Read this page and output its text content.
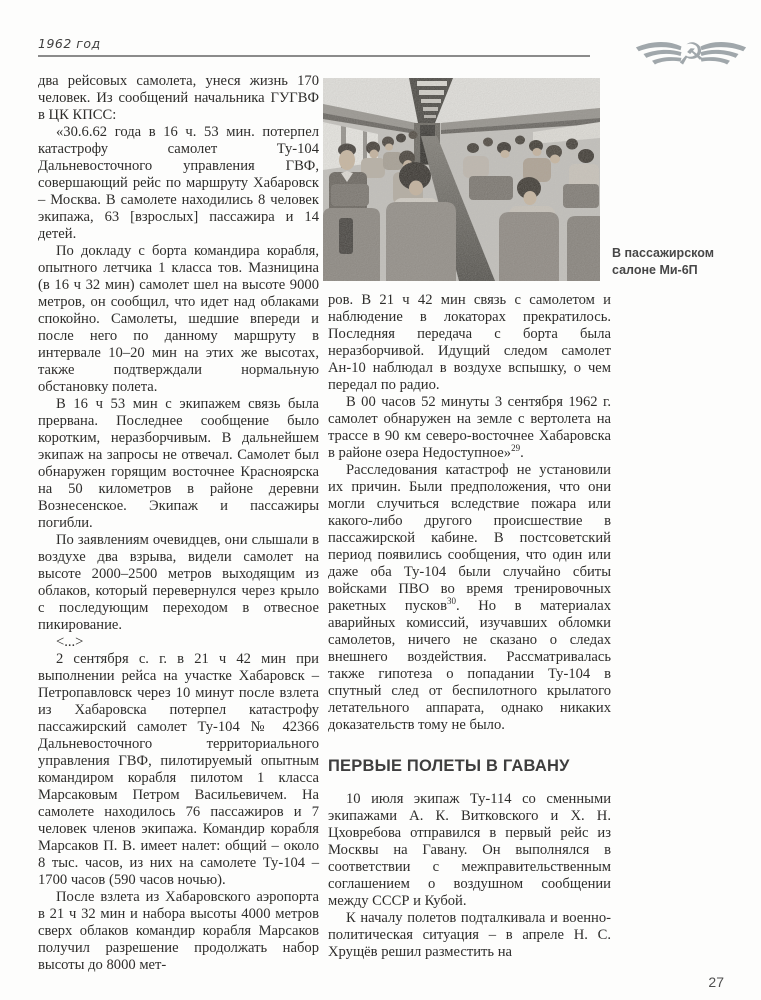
1962 год	☭

два рейсовых самолета, унеся жизнь 170 человек. Из сообщений начальника ГУГВФ в ЦК КПСС:

«30.6.62 года в 16 ч. 53 мин. потерпел катастрофу самолет Ту-104 Дальневосточного управления ГВФ, совершающий рейс по маршруту Хабаровск – Москва. В самолете находились 8 человек экипажа, 63 [взрослых] пассажира и 14 детей.

По докладу с борта командира корабля, опытного летчика 1 класса тов. Мазницина (в 16 ч 32 мин) самолет шел на высоте 9000 метров, он сообщил, что идет над облаками спокойно. Самолеты, шедшие впереди и после него по данному маршруту в интервале 10–20 мин на этих же высотах, также подтверждали нормальную обстановку полета.

В 16 ч 53 мин с экипажем связь была прервана. Последнее сообщение было коротким, неразборчивым. В дальнейшем экипаж на запросы не отвечал. Самолет был обнаружен горящим восточнее Красноярска на 50 километров в районе деревни Вознесенское. Экипаж и пассажиры погибли.

По заявлениям очевидцев, они слышали в воздухе два взрыва, видели самолет на высоте 2000–2500 метров выходящим из облаков, который перевернулся через крыло с последующим переходом в отвесное пикирование.

<...>

2 сентября с. г. в 21 ч 42 мин при выполнении рейса на участке Хабаровск – Петропавловск через 10 минут после взлета из Хабаровска потерпел катастрофу пассажирский самолет Ту-104 № 42366 Дальневосточного территориального управления ГВФ, пилотируемый опытным командиром корабля пилотом 1 класса Марсаковым Петром Васильевичем. На самолете находилось 76 пассажиров и 7 человек членов экипажа. Командир корабля Марсаков П. В. имеет налет: общий – около 8 тыс. часов, из них на самолете Ту-104 – 1700 часов (590 часов ночью).

После взлета из Хабаровского аэропорта в 21 ч 32 мин и набора высоты 4000 метров сверх облаков командир корабля Марсаков получил разрешение продолжать набор высоты до 8000 мет-

ров. В 21 ч 42 мин связь с самолетом и наблюдение в локаторах прекратилось. Последняя передача с борта была неразборчивой. Идущий следом самолет Ан-10 наблюдал в воздухе вспышку, о чем передал по радио.

В 00 часов 52 минуты 3 сентября 1962 г. самолет обнаружен на земле с вертолета на трассе в 90 км северо-восточнее Хабаровска в районе озера Недоступное»$^{29}$.

Расследования катастроф не установили их причин. Были предположения, что они могли случиться вследствие пожара или какого-либо другого происшествие в пассажирской кабине. В постсоветский период появились сообщения, что один или даже оба Ту-104 были случайно сбиты войсками ПВО во время тренировочных ракетных пусков$^{30}$. Но в материалах аварийных комиссий, изучавших обломки самолетов, ничего не сказано о следах внешнего воздействия. Рассматривалась также гипотеза о попадании Ту-104 в спутный след от беспилотного крылатого летательного аппарата, однако никаких доказательств тому не было.

ПЕРВЫЕ ПОЛЕТЫ В ГАВАНУ

10 июля экипаж Ту-114 со сменными экипажами А. К. Витковского и Х. Н. Цховребова отправился в первый рейс из Москвы на Гавану. Он выполнялся в соответствии с межправительственным соглашением о воздушном сообщении между СССР и Кубой.

К началу полетов подталкивала и военно-политическая ситуация – в апреле Н. С. Хрущёв решил разместить на

В пассажирском
салоне Ми-6П
27
